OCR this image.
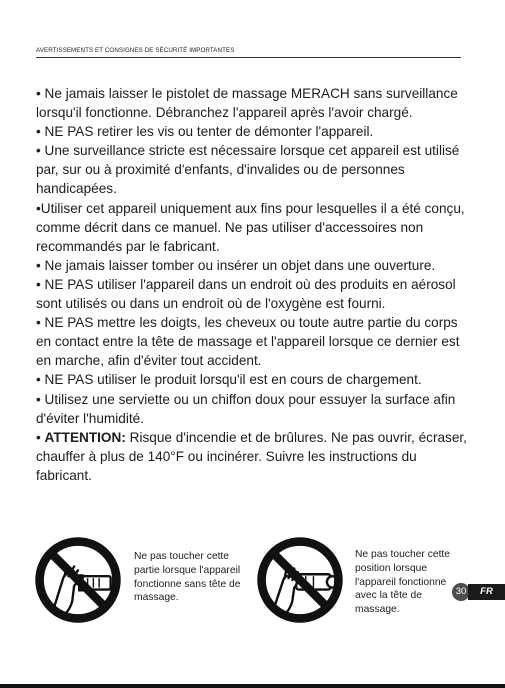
AVERTISSEMENTS ET CONSIGNES DE SÉCURITÉ IMPORTANTES

• Ne jamais laisser le pistolet de massage MERACH sans surveillance lorsqu'il fonctionne. Débranchez l'appareil après l'avoir chargé.

• NE PAS retirer les vis ou tenter de démonter l'appareil.

• Une surveillance stricte est nécessaire lorsque cet appareil est utilisé par, sur ou à proximité d'enfants, d'invalides ou de personnes handicapées.

•Utiliser cet appareil uniquement aux fins pour lesquelles il a été conçu, comme décrit dans ce manuel. Ne pas utiliser d'accessoires non recommandés par le fabricant.

• Ne jamais laisser tomber ou insérer un objet dans une ouverture.

• NE PAS utiliser l'appareil dans un endroit où des produits en aérosol sont utilisés ou dans un endroit où de l'oxygène est fourni.

• NE PAS mettre les doigts, les cheveux ou toute autre partie du corps en contact entre la tête de massage et l'appareil lorsque ce dernier est en marche, afin d'éviter tout accident.

• NE PAS utiliser le produit lorsqu'il est en cours de chargement.

• Utilisez une serviette ou un chiffon doux pour essuyer la surface afin d'éviter l'humidité.

• ATTENTION: Risque d'incendie et de brûlures. Ne pas ouvrir, écraser, chauffer à plus de 140°F ou incinérer. Suivre les instructions du fabricant.

Ne pas toucher cette partie lorsque l'appareil fonctionne sans tête de massage.
Ne pas toucher cette position lorsque l'appareil fonctionne avec la tête de massage.
30	FR
